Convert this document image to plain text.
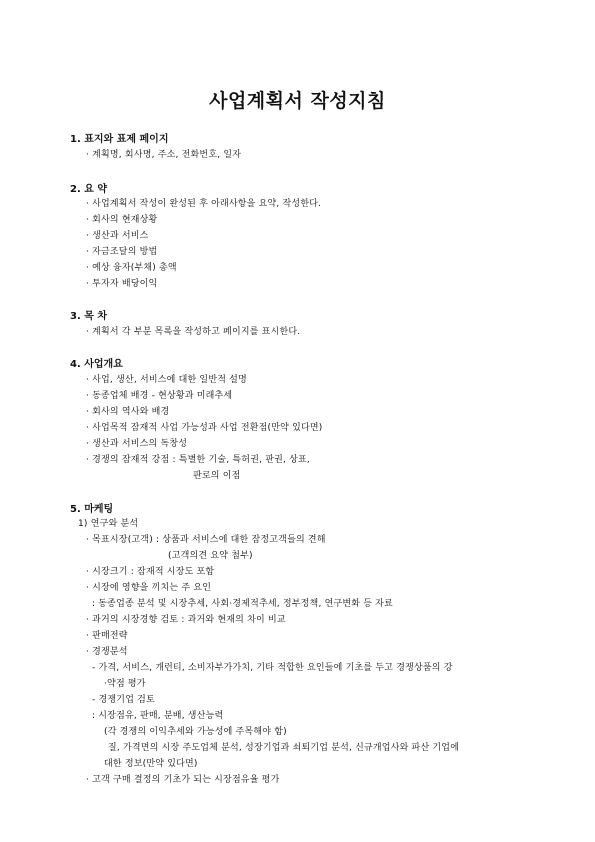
사업계획서 작성지침
1. 표지와 표제 페이지
· 계획명, 회사명, 주소, 전화번호, 일자
2. 요 약
· 사업계획서 작성이 완성된 후 아래사항을 요약, 작성한다.
· 회사의 현재상황
· 생산과 서비스
· 자금조달의 방법
· 예상 융자(부채) 총액
· 투자자 배당이익
3. 목 차
· 계획서 각 부분 목록을 작성하고 페이지를 표시한다.
4. 사업개요
· 사업, 생산, 서비스에 대한 일반적 설명
· 동종업체 배경 - 현상황과 미래추세
· 회사의 역사와 배경
· 사업목적 잠재적 사업 가능성과 사업 전환점(만약 있다면)
· 생산과 서비스의 독창성
· 경쟁의 잠재적 강점 : 특별한 기술, 특허권, 판권, 상표,
판로의 이점
5. 마케팅
1) 연구와 분석
· 목표시장(고객) : 상품과 서비스에 대한 잠정고객들의 견해
(고객의견 요약 첨부)
· 시장크기 : 잠재적 시장도 포함
· 시장에 영향을 끼치는 주 요인
: 동종업종 분석 및 시장추세, 사회·경제적추세, 정부정책, 연구변화 등 자료
· 과거의 시장경향 검토 : 과거와 현재의 차이 비교
· 판매전략
· 경쟁분석
- 가격, 서비스, 개런티, 소비자부가가치, 기타 적합한 요인들에 기초를 두고 경쟁상품의 강
·약점 평가
- 경쟁기업 검토
: 시장점유, 판매, 분배, 생산능력
(각 경쟁의 이익추세와 가능성에 주목해야 함)
질, 가격면의 시장 주도업체 분석, 성장기업과 쇠퇴기업 분석, 신규개업사와 파산 기업에
대한 정보(만약 있다면)
· 고객 구매 결정의 기초가 되는 시장점유율 평가
